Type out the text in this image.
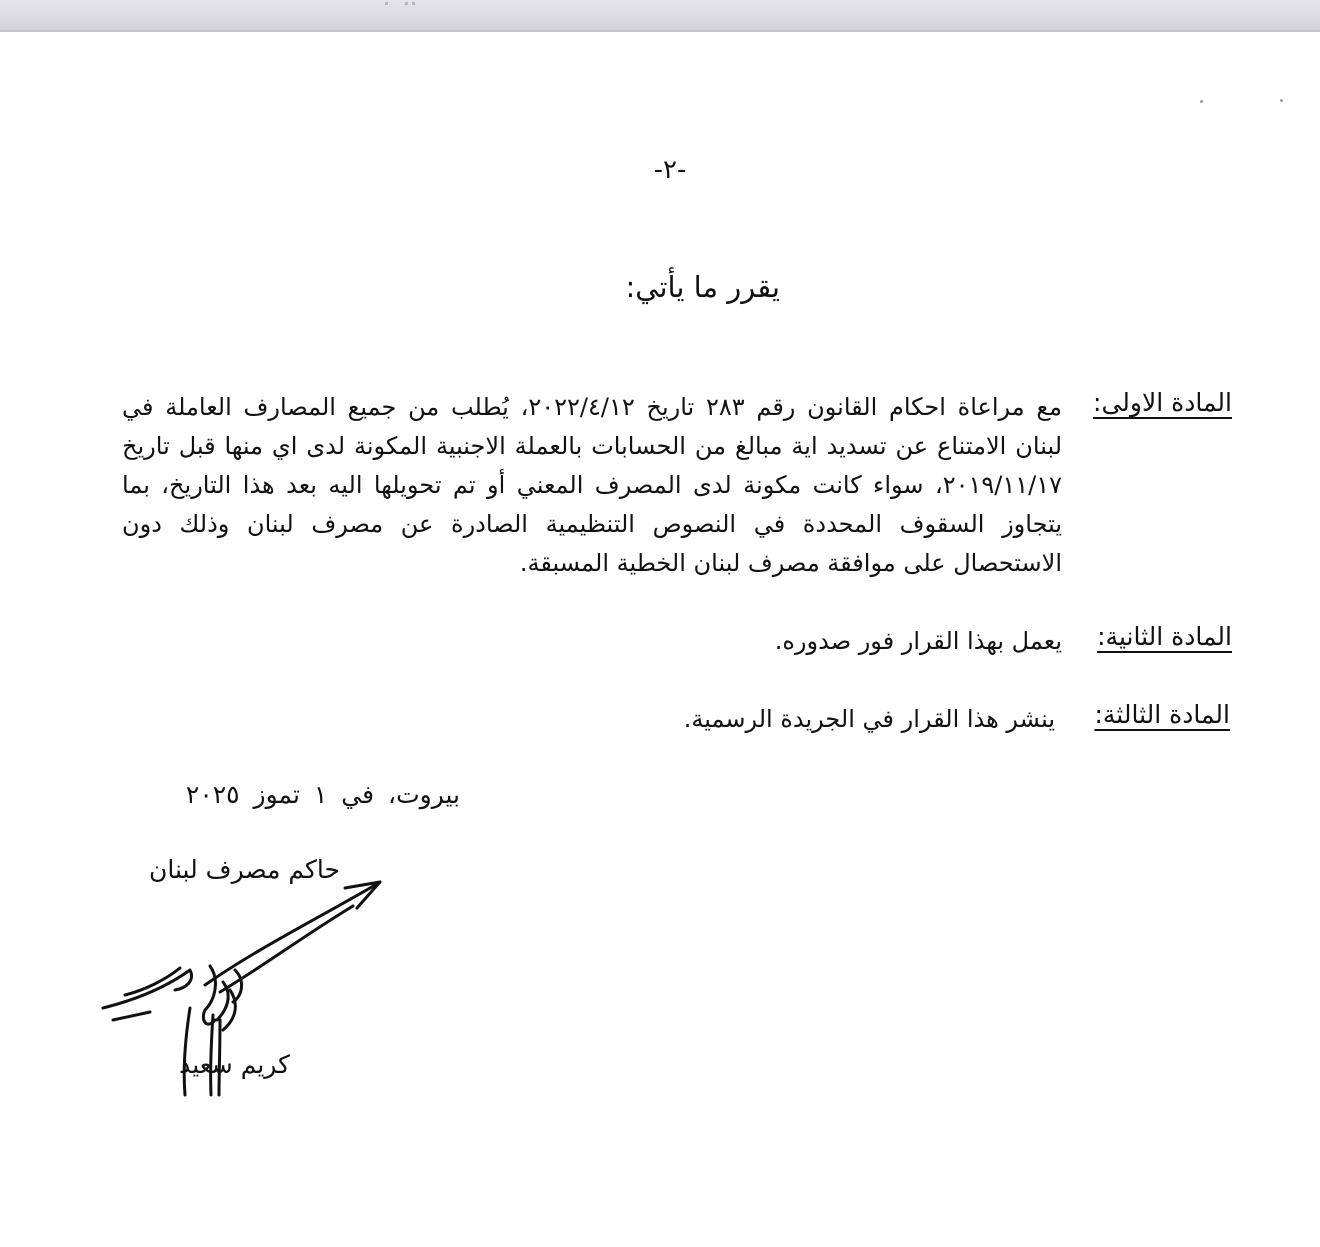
-٢-
يقرر ما يأتي:
المادة الاولى:
مع مراعاة احكام القانون رقم ٢٨٣ تاريخ ٢٠٢٢/٤/١٢، يُطلب من جميع المصارف العاملة في لبنان الامتناع عن تسديد اية مبالغ من الحسابات بالعملة الاجنبية المكونة لدى اي منها قبل تاريخ ٢٠١٩/١١/١٧، سواء كانت مكونة لدى المصرف المعني أو تم تحويلها اليه بعد هذا التاريخ، بما يتجاوز السقوف المحددة في النصوص التنظيمية الصادرة عن مصرف لبنان وذلك دون الاستحصال على موافقة مصرف لبنان الخطية المسبقة.
المادة الثانية:
يعمل بهذا القرار فور صدوره.
المادة الثالثة:
ينشر هذا القرار في الجريدة الرسمية.
بيروت، في ١ تموز ٢٠٢٥
حاكم مصرف لبنان
كريم سعيد
